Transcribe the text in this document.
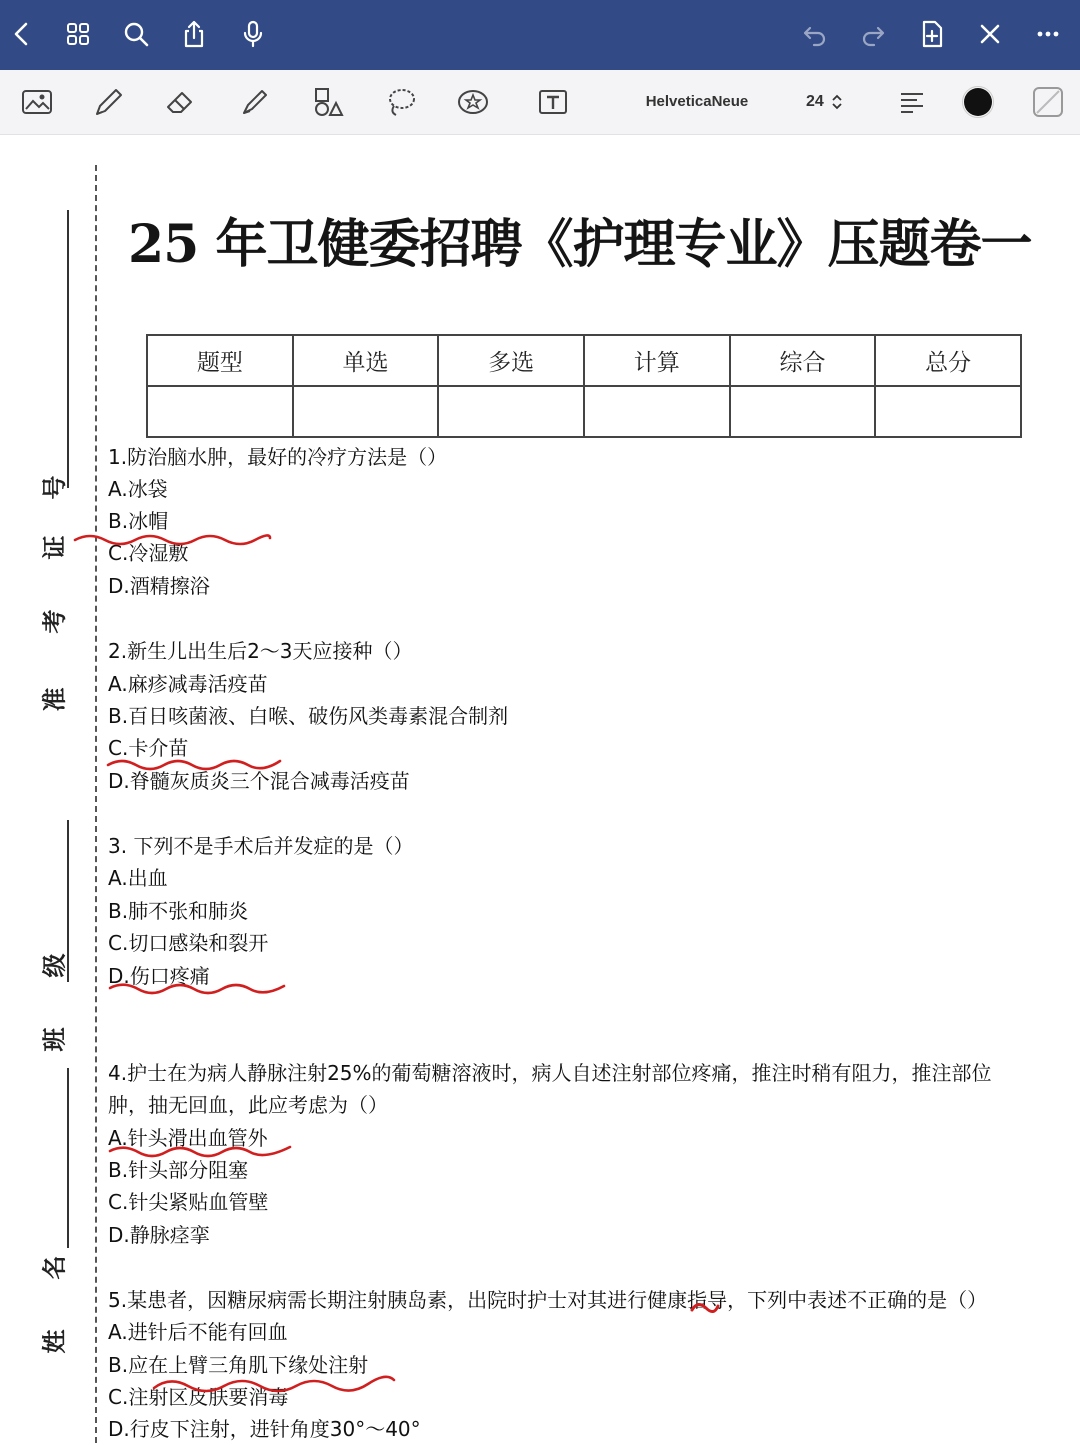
HelveticaNeue	24
号
证
考
准
级
班
名
姓
25 年卫健委招聘《护理专业》压题卷一
题型	单选	多选	计算	综合	总分

1.防治脑水肿，最好的冷疗方法是（）
A.冰袋
B.冰帽
C.冷湿敷
D.酒精擦浴
2.新生儿出生后2～3天应接种（）
A.麻疹减毒活疫苗
B.百日咳菌液、白喉、破伤风类毒素混合制剂
C.卡介苗
D.脊髓灰质炎三个混合减毒活疫苗
3. 下列不是手术后并发症的是（）
A.出血
B.肺不张和肺炎
C.切口感染和裂开
D.伤口疼痛
4.护士在为病人静脉注射25%的葡萄糖溶液时，病人自述注射部位疼痛，推注时稍有阻力，推注部位
肿，抽无回血，此应考虑为（）
A.针头滑出血管外
B.针头部分阻塞
C.针尖紧贴血管壁
D.静脉痉挛
5.某患者，因糖尿病需长期注射胰岛素，出院时护士对其进行健康指导，下列中表述不正确的是（）
A.进针后不能有回血
B.应在上臂三角肌下缘处注射
C.注射区皮肤要消毒
D.行皮下注射，进针角度30°～40°
